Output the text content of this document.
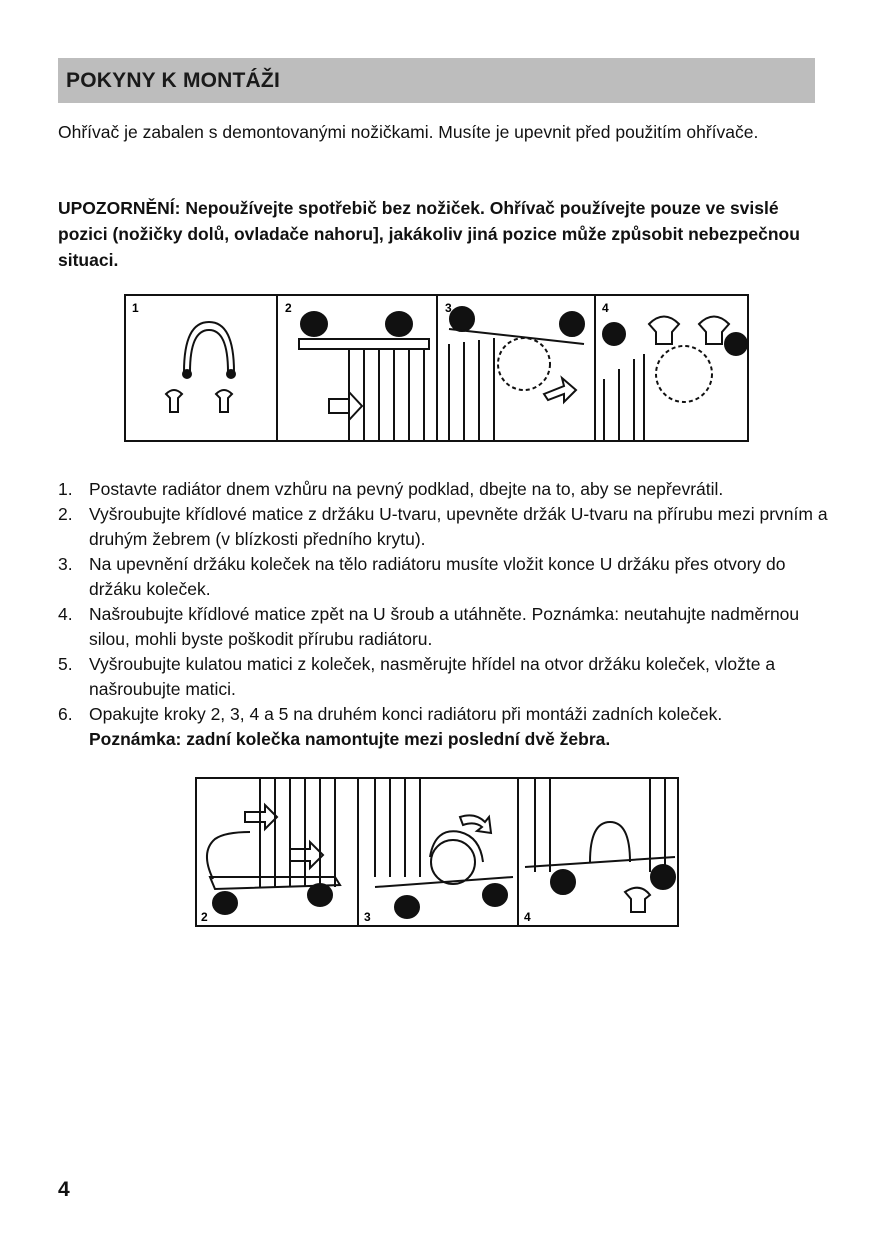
POKYNY K MONTÁŽI

Ohřívač je zabalen s demontovanými nožičkami. Musíte je upevnit před použitím ohřívače.

UPOZORNĚNÍ: Nepoužívejte spotřebič bez nožiček. Ohřívač používejte pouze ve svislé pozici (nožičky dolů, ovladače nahoru], jakákoliv jiná pozice může způsobit nebezpečnou situaci.

1	2	3	4
1. Postavte radiátor dnem vzhůru na pevný podklad, dbejte na to, aby se nepřevrátil.
2. Vyšroubujte křídlové matice z držáku U-tvaru, upevněte držák U-tvaru na přírubu mezi prvním a druhým žebrem (v blízkosti předního krytu).
3. Na upevnění držáku koleček na tělo radiátoru musíte vložit konce U držáku přes otvory do držáku koleček.
4. Našroubujte křídlové matice zpět na U šroub a utáhněte. Poznámka: neutahujte nadměrnou silou, mohli byste poškodit přírubu radiátoru.
5. Vyšroubujte kulatou matici z koleček, nasměrujte hřídel na otvor držáku koleček, vložte a našroubujte matici.
6. Opakujte kroky 2, 3, 4 a 5 na druhém konci radiátoru při montáži zadních koleček.
Poznámka: zadní kolečka namontujte mezi poslední dvě žebra.
2	3	4
4
